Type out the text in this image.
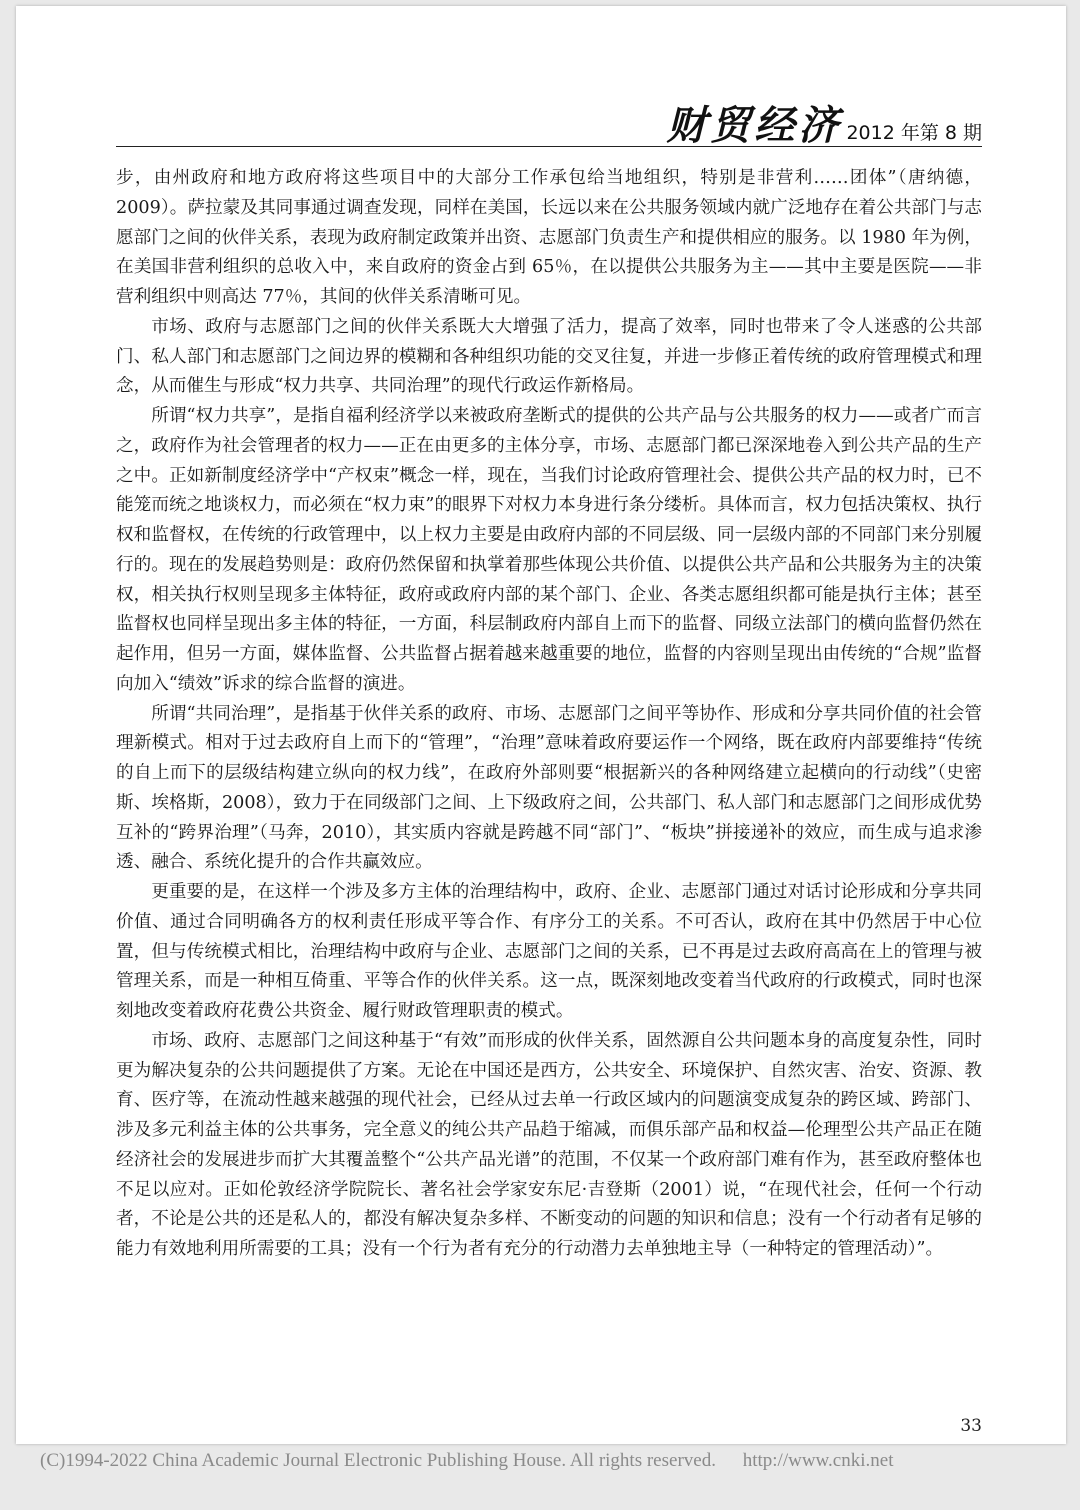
财贸经济 2012 年第 8 期

步，由州政府和地方政府将这些项目中的大部分工作承包给当地组织，特别是非营利……团体”（唐纳德，2009）。萨拉蒙及其同事通过调查发现，同样在美国，长远以来在公共服务领域内就广泛地存在着公共部门与志愿部门之间的伙伴关系，表现为政府制定政策并出资、志愿部门负责生产和提供相应的服务。以 1980 年为例，在美国非营利组织的总收入中，来自政府的资金占到 65％，在以提供公共服务为主——其中主要是医院——非营利组织中则高达 77％，其间的伙伴关系清晰可见。

市场、政府与志愿部门之间的伙伴关系既大大增强了活力，提高了效率，同时也带来了令人迷惑的公共部门、私人部门和志愿部门之间边界的模糊和各种组织功能的交叉往复，并进一步修正着传统的政府管理模式和理念，从而催生与形成“权力共享、共同治理”的现代行政运作新格局。

所谓“权力共享”，是指自福利经济学以来被政府垄断式的提供的公共产品与公共服务的权力——或者广而言之，政府作为社会管理者的权力——正在由更多的主体分享，市场、志愿部门都已深深地卷入到公共产品的生产之中。正如新制度经济学中“产权束”概念一样，现在，当我们讨论政府管理社会、提供公共产品的权力时，已不能笼而统之地谈权力，而必须在“权力束”的眼界下对权力本身进行条分缕析。具体而言，权力包括决策权、执行权和监督权，在传统的行政管理中，以上权力主要是由政府内部的不同层级、同一层级内部的不同部门来分别履行的。现在的发展趋势则是：政府仍然保留和执掌着那些体现公共价值、以提供公共产品和公共服务为主的决策权，相关执行权则呈现多主体特征，政府或政府内部的某个部门、企业、各类志愿组织都可能是执行主体；甚至监督权也同样呈现出多主体的特征，一方面，科层制政府内部自上而下的监督、同级立法部门的横向监督仍然在起作用，但另一方面，媒体监督、公共监督占据着越来越重要的地位，监督的内容则呈现出由传统的“合规”监督向加入“绩效”诉求的综合监督的演进。

所谓“共同治理”，是指基于伙伴关系的政府、市场、志愿部门之间平等协作、形成和分享共同价值的社会管理新模式。相对于过去政府自上而下的“管理”，“治理”意味着政府要运作一个网络，既在政府内部要维持“传统的自上而下的层级结构建立纵向的权力线”，在政府外部则要“根据新兴的各种网络建立起横向的行动线”（史密斯、埃格斯，2008），致力于在同级部门之间、上下级政府之间，公共部门、私人部门和志愿部门之间形成优势互补的“跨界治理”（马奔，2010），其实质内容就是跨越不同“部门”、“板块”拼接递补的效应，而生成与追求渗透、融合、系统化提升的合作共赢效应。

更重要的是，在这样一个涉及多方主体的治理结构中，政府、企业、志愿部门通过对话讨论形成和分享共同价值、通过合同明确各方的权利责任形成平等合作、有序分工的关系。不可否认，政府在其中仍然居于中心位置，但与传统模式相比，治理结构中政府与企业、志愿部门之间的关系，已不再是过去政府高高在上的管理与被管理关系，而是一种相互倚重、平等合作的伙伴关系。这一点，既深刻地改变着当代政府的行政模式，同时也深刻地改变着政府花费公共资金、履行财政管理职责的模式。

市场、政府、志愿部门之间这种基于“有效”而形成的伙伴关系，固然源自公共问题本身的高度复杂性，同时更为解决复杂的公共问题提供了方案。无论在中国还是西方，公共安全、环境保护、自然灾害、治安、资源、教育、医疗等，在流动性越来越强的现代社会，已经从过去单一行政区域内的问题演变成复杂的跨区域、跨部门、涉及多元利益主体的公共事务，完全意义的纯公共产品趋于缩减，而俱乐部产品和权益—伦理型公共产品正在随经济社会的发展进步而扩大其覆盖整个“公共产品光谱”的范围，不仅某一个政府部门难有作为，甚至政府整体也不足以应对。正如伦敦经济学院院长、著名社会学家安东尼·吉登斯（2001）说，“在现代社会，任何一个行动者，不论是公共的还是私人的，都没有解决复杂多样、不断变动的问题的知识和信息；没有一个行动者有足够的能力有效地利用所需要的工具；没有一个行为者有充分的行动潜力去单独地主导（一种特定的管理活动）”。

33
(C)1994-2022 China Academic Journal Electronic Publishing House. All rights reserved. http://www.cnki.net
